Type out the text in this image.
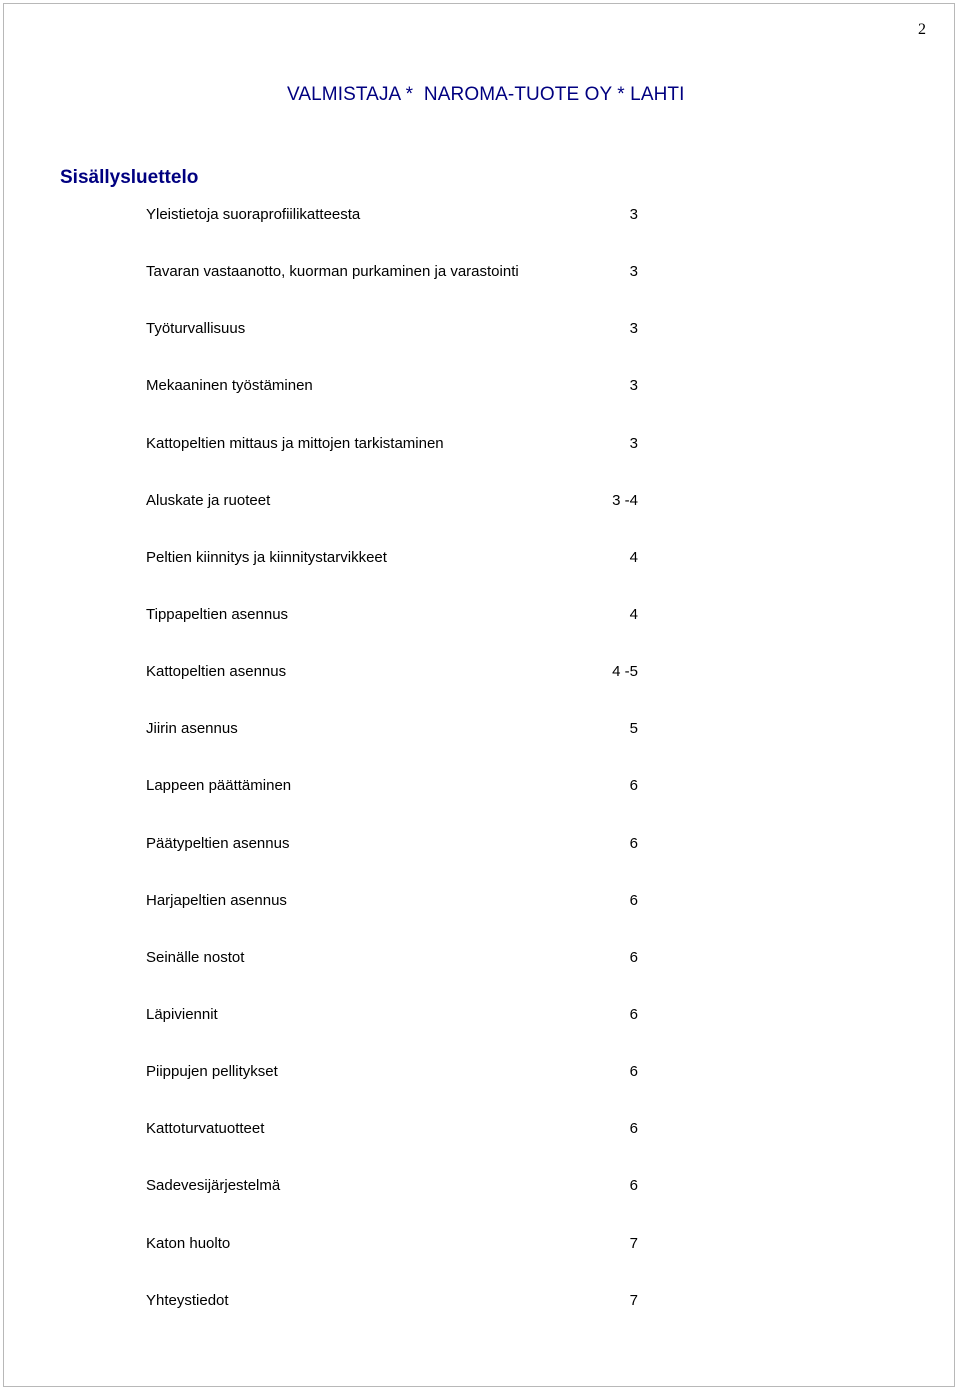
2
VALMISTAJA *  NAROMA-TUOTE OY * LAHTI
Sisällysluettelo
Yleistietoja suoraprofiilikatteesta	3
Tavaran vastaanotto, kuorman purkaminen ja varastointi	3
Työturvallisuus	3
Mekaaninen työstäminen	3
Kattopeltien mittaus ja mittojen tarkistaminen	3
Aluskate ja ruoteet	3 -4
Peltien kiinnitys ja kiinnitystarvikkeet	4
Tippapeltien asennus	4
Kattopeltien asennus	4 -5
Jiirin asennus	5
Lappeen päättäminen	6
Päätypeltien asennus	6
Harjapeltien asennus	6
Seinälle nostot	6
Läpiviennit	6
Piippujen pellitykset	6
Kattoturvatuotteet	6
Sadevesijärjestelmä	6
Katon huolto	7
Yhteystiedot	7
